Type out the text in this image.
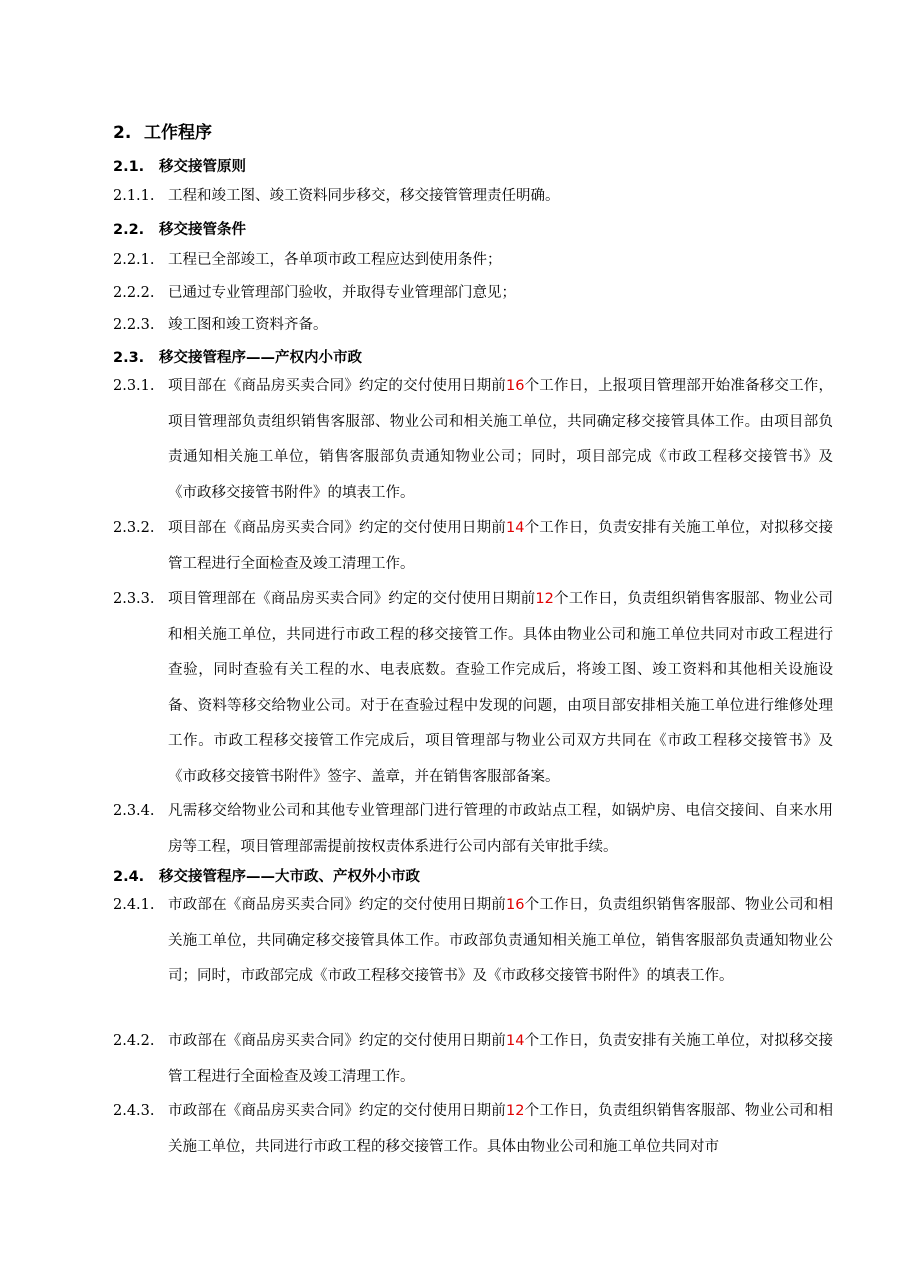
2. 工作程序
2.1. 移交接管原则
2.1.1. 工程和竣工图、竣工资料同步移交，移交接管管理责任明确。
2.2. 移交接管条件
2.2.1. 工程已全部竣工，各单项市政工程应达到使用条件；
2.2.2. 已通过专业管理部门验收，并取得专业管理部门意见；
2.2.3. 竣工图和竣工资料齐备。
2.3. 移交接管程序——产权内小市政
2.3.1. 项目部在《商品房买卖合同》约定的交付使用日期前16个工作日，上报项目管理部开始准备移交工作，项目管理部负责组织销售客服部、物业公司和相关施工单位，共同确定移交接管具体工作。由项目部负责通知相关施工单位，销售客服部负责通知物业公司；同时，项目部完成《市政工程移交接管书》及《市政移交接管书附件》的填表工作。
2.3.2. 项目部在《商品房买卖合同》约定的交付使用日期前14个工作日，负责安排有关施工单位，对拟移交接管工程进行全面检查及竣工清理工作。
2.3.3. 项目管理部在《商品房买卖合同》约定的交付使用日期前12个工作日，负责组织销售客服部、物业公司和相关施工单位，共同进行市政工程的移交接管工作。具体由物业公司和施工单位共同对市政工程进行查验，同时查验有关工程的水、电表底数。查验工作完成后，将竣工图、竣工资料和其他相关设施设备、资料等移交给物业公司。对于在查验过程中发现的问题，由项目部安排相关施工单位进行维修处理工作。市政工程移交接管工作完成后，项目管理部与物业公司双方共同在《市政工程移交接管书》及《市政移交接管书附件》签字、盖章，并在销售客服部备案。
2.3.4. 凡需移交给物业公司和其他专业管理部门进行管理的市政站点工程，如锅炉房、电信交接间、自来水用房等工程，项目管理部需提前按权责体系进行公司内部有关审批手续。
2.4. 移交接管程序——大市政、产权外小市政
2.4.1. 市政部在《商品房买卖合同》约定的交付使用日期前16个工作日，负责组织销售客服部、物业公司和相关施工单位，共同确定移交接管具体工作。市政部负责通知相关施工单位，销售客服部负责通知物业公司；同时，市政部完成《市政工程移交接管书》及《市政移交接管书附件》的填表工作。
2.4.2. 市政部在《商品房买卖合同》约定的交付使用日期前14个工作日，负责安排有关施工单位，对拟移交接管工程进行全面检查及竣工清理工作。
2.4.3. 市政部在《商品房买卖合同》约定的交付使用日期前12个工作日，负责组织销售客服部、物业公司和相关施工单位，共同进行市政工程的移交接管工作。具体由物业公司和施工单位共同对市
